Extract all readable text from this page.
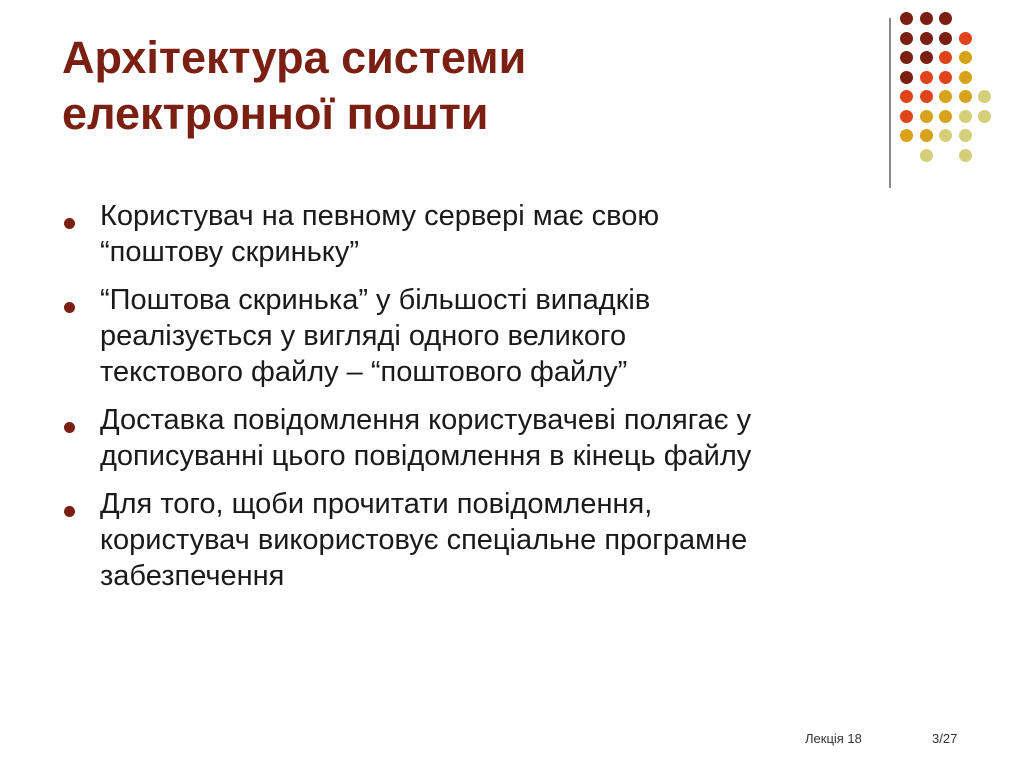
Архітектура системи
електронної пошти
Користувач на певному сервері має свою
“поштову скриньку”
“Поштова скринька” у більшості випадків
реалізується у вигляді одного великого
текстового файлу – “поштового файлу”
Доставка повідомлення користувачеві полягає у
дописуванні цього повідомлення в кінець файлу
Для того, щоби прочитати повідомлення,
користувач використовує спеціальне програмне
забезпечення
Лекція 18	3/27
